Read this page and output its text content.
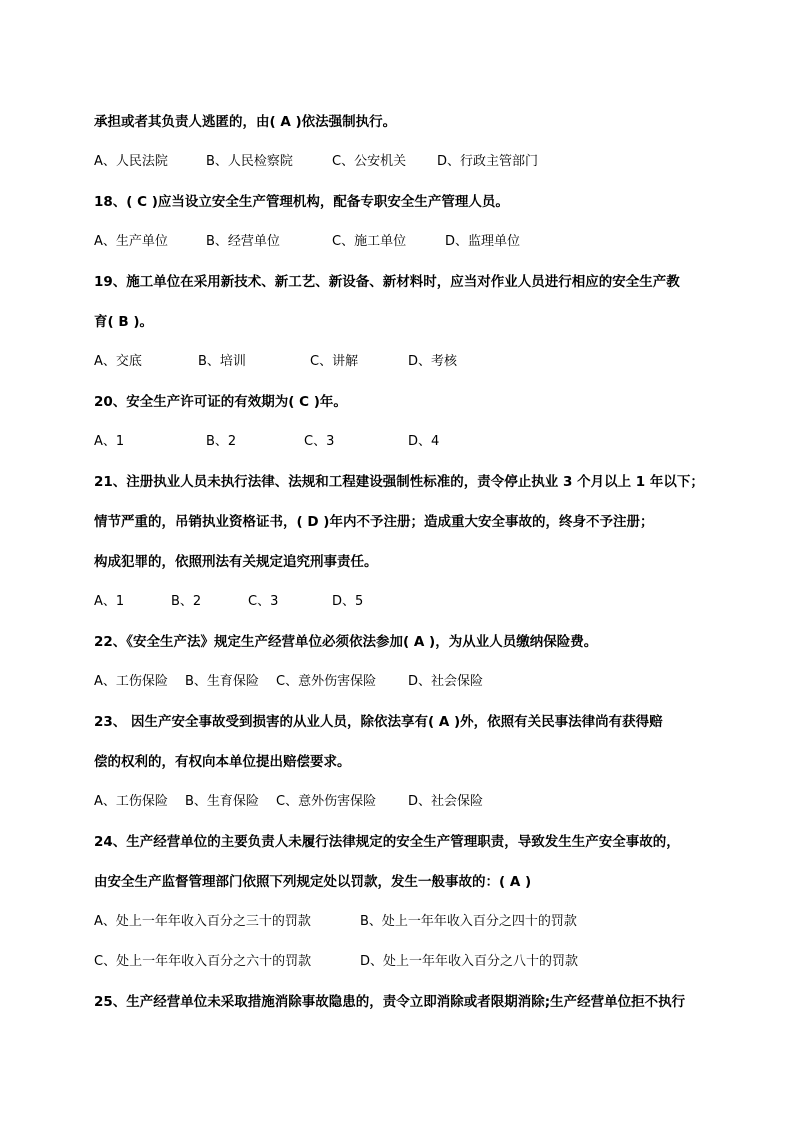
承担或者其负责人逃匿的，由( A )依法强制执行。
A、人民法院	B、人民检察院	C、公安机关 D、行政主管部门
18、( C )应当设立安全生产管理机构，配备专职安全生产管理人员。
A、生产单位	B、经营单位	C、施工单位	D、监理单位
19、施工单位在采用新技术、新工艺、新设备、新材料时，应当对作业人员进行相应的安全生产教
育( B )。
A、交底	B、培训	C、讲解	D、考核
20、安全生产许可证的有效期为( C )年。
A、1	B、2	C、3	D、4
21、注册执业人员未执行法律、法规和工程建设强制性标准的，责令停止执业 3 个月以上 1 年以下；
情节严重的，吊销执业资格证书，( D )年内不予注册；造成重大安全事故的，终身不予注册；
构成犯罪的，依照刑法有关规定追究刑事责任。
A、1	B、2	C、3	D、5
22、《安全生产法》规定生产经营单位必须依法参加( A )，为从业人员缴纳保险费。
A、工伤保险 B、生育保险 C、意外伤害保险 D、社会保险
23、 因生产安全事故受到损害的从业人员，除依法享有( A )外，依照有关民事法律尚有获得赔
偿的权利的，有权向本单位提出赔偿要求。
A、工伤保险 B、生育保险 C、意外伤害保险 D、社会保险
24、生产经营单位的主要负责人未履行法律规定的安全生产管理职责，导致发生生产安全事故的，
由安全生产监督管理部门依照下列规定处以罚款，发生一般事故的：( A )
A、处上一年年收入百分之三十的罚款	B、处上一年年收入百分之四十的罚款
C、处上一年年收入百分之六十的罚款	D、处上一年年收入百分之八十的罚款
25、生产经营单位未采取措施消除事故隐患的，责令立即消除或者限期消除;生产经营单位拒不执行
